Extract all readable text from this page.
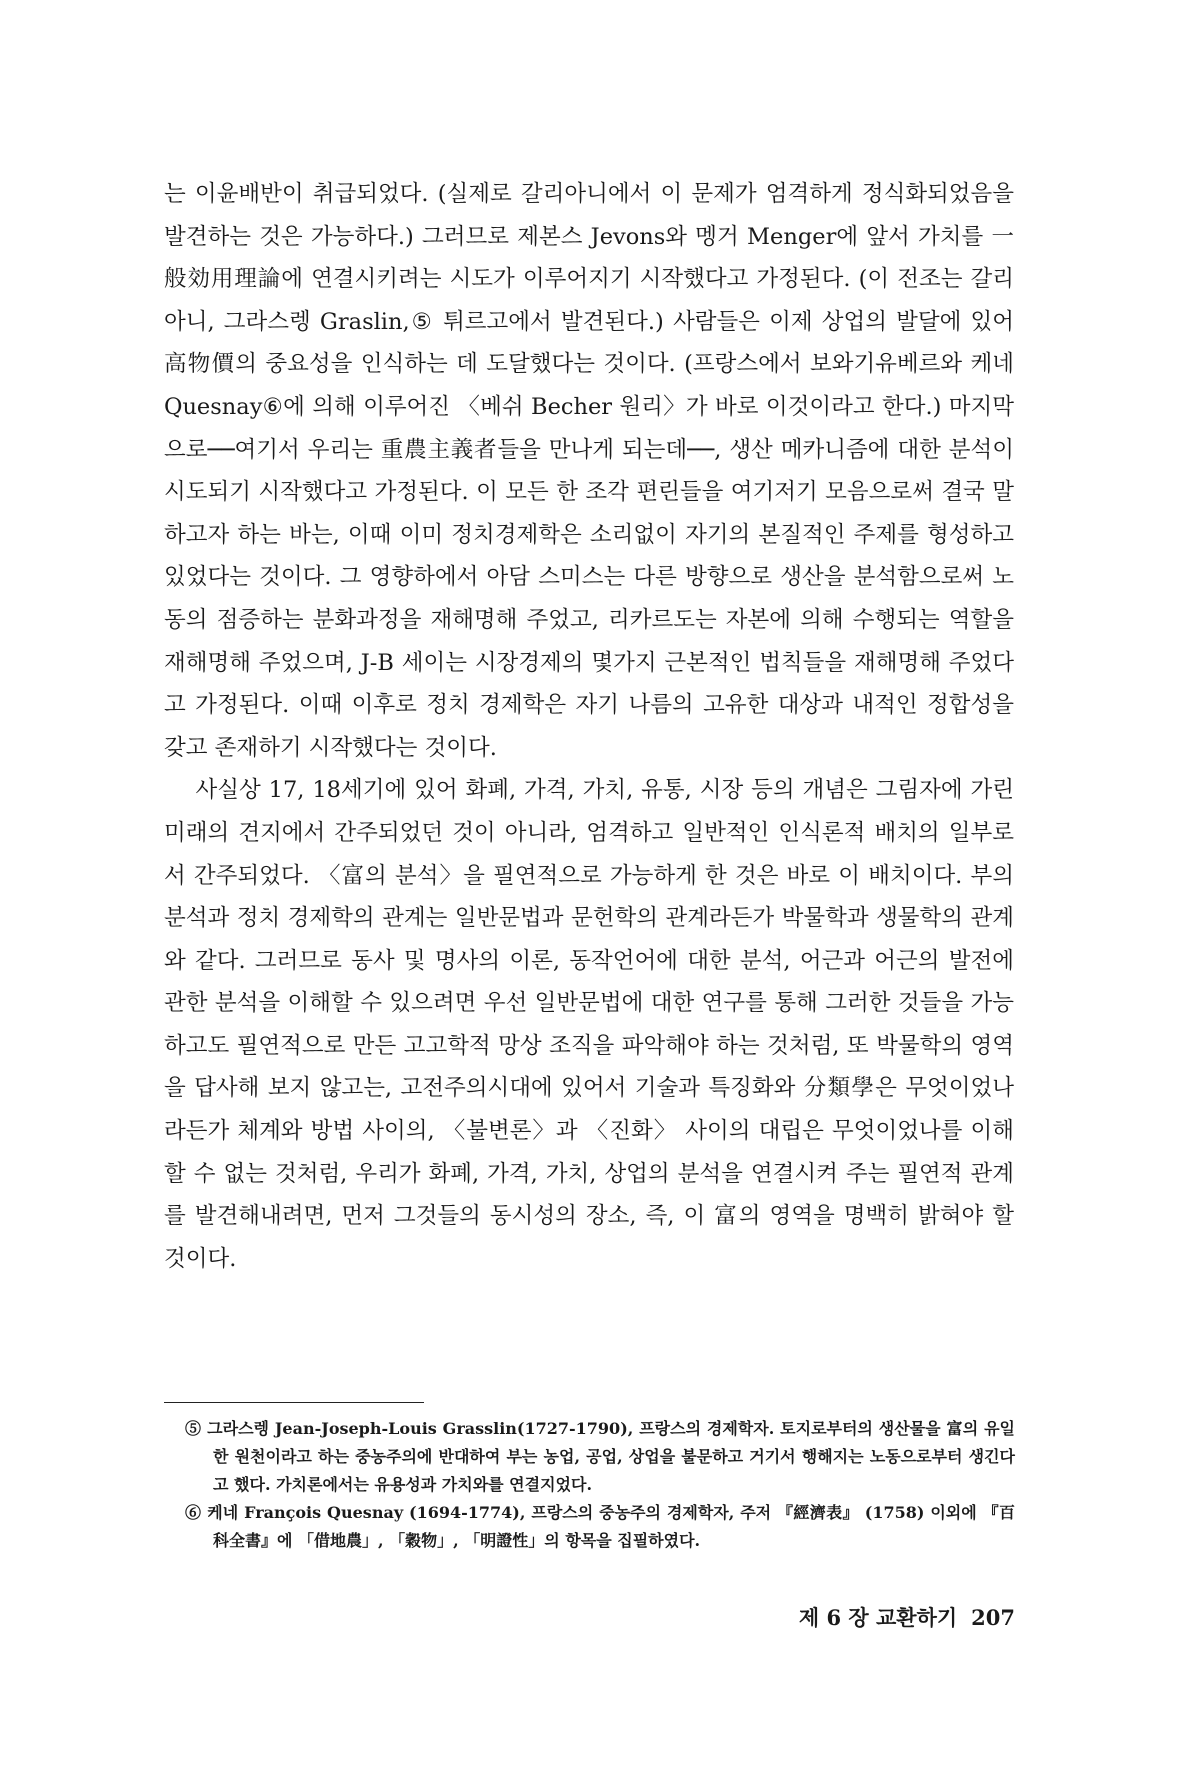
는 이윤배반이 취급되었다. (실제로 갈리아니에서 이 문제가 엄격하게 정식화되었음을 발견하는 것은 가능하다.) 그러므로 제본스 Jevons와 멩거 Menger에 앞서 가치를 一般効用理論에 연결시키려는 시도가 이루어지기 시작했다고 가정된다. (이 전조는 갈리아니, 그라스렝 Graslin,⑤ 튀르고에서 발견된다.) 사람들은 이제 상업의 발달에 있어 高物價의 중요성을 인식하는 데 도달했다는 것이다. (프랑스에서 보와기유베르와 케네 Quesnay⑥에 의해 이루어진 〈베쉬 Becher 원리〉가 바로 이것이라고 한다.) 마지막으로──여기서 우리는 重農主義者들을 만나게 되는데──, 생산 메카니즘에 대한 분석이 시도되기 시작했다고 가정된다. 이 모든 한 조각 편린들을 여기저기 모음으로써 결국 말하고자 하는 바는, 이때 이미 정치경제학은 소리없이 자기의 본질적인 주제를 형성하고 있었다는 것이다. 그 영향하에서 아담 스미스는 다른 방향으로 생산을 분석함으로써 노동의 점증하는 분화과정을 재해명해 주었고, 리카르도는 자본에 의해 수행되는 역할을 재해명해 주었으며, J-B 세이는 시장경제의 몇가지 근본적인 법칙들을 재해명해 주었다고 가정된다. 이때 이후로 정치 경제학은 자기 나름의 고유한 대상과 내적인 정합성을 갖고 존재하기 시작했다는 것이다.

사실상 17, 18세기에 있어 화폐, 가격, 가치, 유통, 시장 등의 개념은 그림자에 가린 미래의 견지에서 간주되었던 것이 아니라, 엄격하고 일반적인 인식론적 배치의 일부로서 간주되었다. 〈富의 분석〉을 필연적으로 가능하게 한 것은 바로 이 배치이다. 부의 분석과 정치 경제학의 관계는 일반문법과 문헌학의 관계라든가 박물학과 생물학의 관계와 같다. 그러므로 동사 및 명사의 이론, 동작언어에 대한 분석, 어근과 어근의 발전에 관한 분석을 이해할 수 있으려면 우선 일반문법에 대한 연구를 통해 그러한 것들을 가능하고도 필연적으로 만든 고고학적 망상 조직을 파악해야 하는 것처럼, 또 박물학의 영역을 답사해 보지 않고는, 고전주의시대에 있어서 기술과 특징화와 分類學은 무엇이었나라든가 체계와 방법 사이의, 〈불변론〉과 〈진화〉 사이의 대립은 무엇이었나를 이해할 수 없는 것처럼, 우리가 화폐, 가격, 가치, 상업의 분석을 연결시켜 주는 필연적 관계를 발견해내려면, 먼저 그것들의 동시성의 장소, 즉, 이 富의 영역을 명백히 밝혀야 할 것이다.

⑤ 그라스렝 Jean-Joseph-Louis Grasslin(1727-1790), 프랑스의 경제학자. 토지로부터의 생산물을 富의 유일한 원천이라고 하는 중농주의에 반대하여 부는 농업, 공업, 상업을 불문하고 거기서 행해지는 노동으로부터 생긴다고 했다. 가치론에서는 유용성과 가치와를 연결지었다.

⑥ 케네 François Quesnay (1694-1774), 프랑스의 중농주의 경제학자, 주저 『經濟表』 (1758) 이외에 『百科全書』에 「借地農」, 「穀物」, 「明證性」의 항목을 집필하였다.

제 6 장 교환하기 207
